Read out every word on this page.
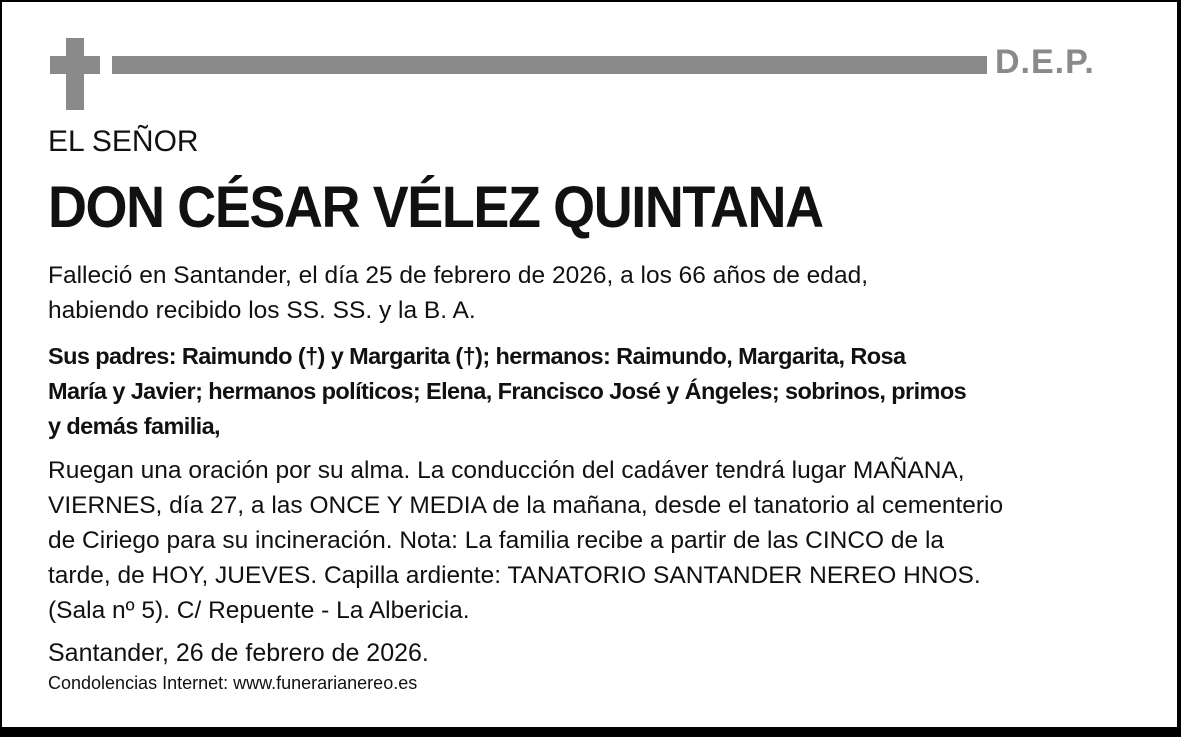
D.E.P.
EL SEÑOR
DON CÉSAR VÉLEZ QUINTANA
Falleció en Santander, el día 25 de febrero de 2026, a los 66 años de edad,
habiendo recibido los SS. SS. y la B. A.
Sus padres: Raimundo (†) y Margarita (†); hermanos: Raimundo, Margarita, Rosa
María y Javier; hermanos políticos; Elena, Francisco José y Ángeles; sobrinos, primos
y demás familia,
Ruegan una oración por su alma. La conducción del cadáver tendrá lugar MAÑANA,
VIERNES, día 27, a las ONCE Y MEDIA de la mañana, desde el tanatorio al cementerio
de Ciriego para su incineración. Nota: La familia recibe a partir de las CINCO de la
tarde, de HOY, JUEVES. Capilla ardiente: TANATORIO SANTANDER NEREO HNOS.
(Sala nº 5). C/ Repuente - La Albericia.
Santander, 26 de febrero de 2026.
Condolencias Internet: www.funerarianereo.es
